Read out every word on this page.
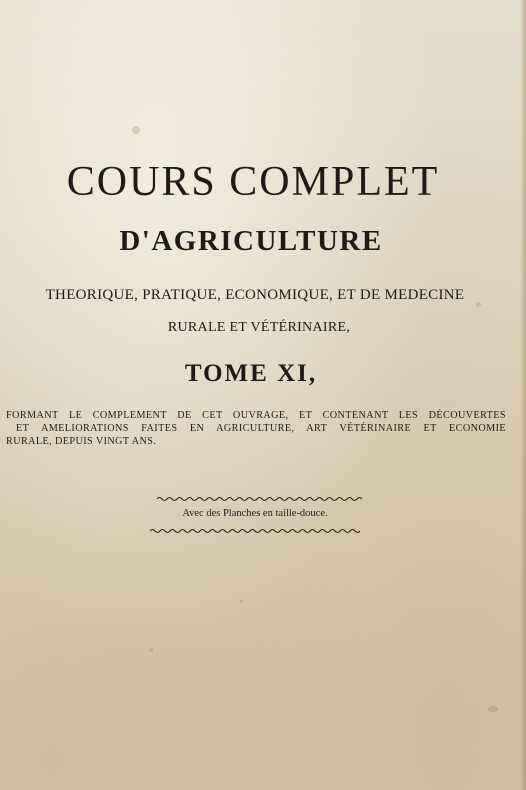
COURS COMPLET
D'AGRICULTURE

THEORIQUE, PRATIQUE, ECONOMIQUE, ET DE MEDECINE

RURALE ET VÉTÉRINAIRE,

TOME XI,

FORMANT LE COMPLEMENT DE CET OUVRAGE, ET CONTENANT LES DÉCOUVERTES
ET AMELIORATIONS FAITES EN AGRICULTURE, ART VÉTÉRINAIRE ET ECONOMIE
RURALE, DEPUIS VINGT ANS.

Avec des Planches en taille-douce.
